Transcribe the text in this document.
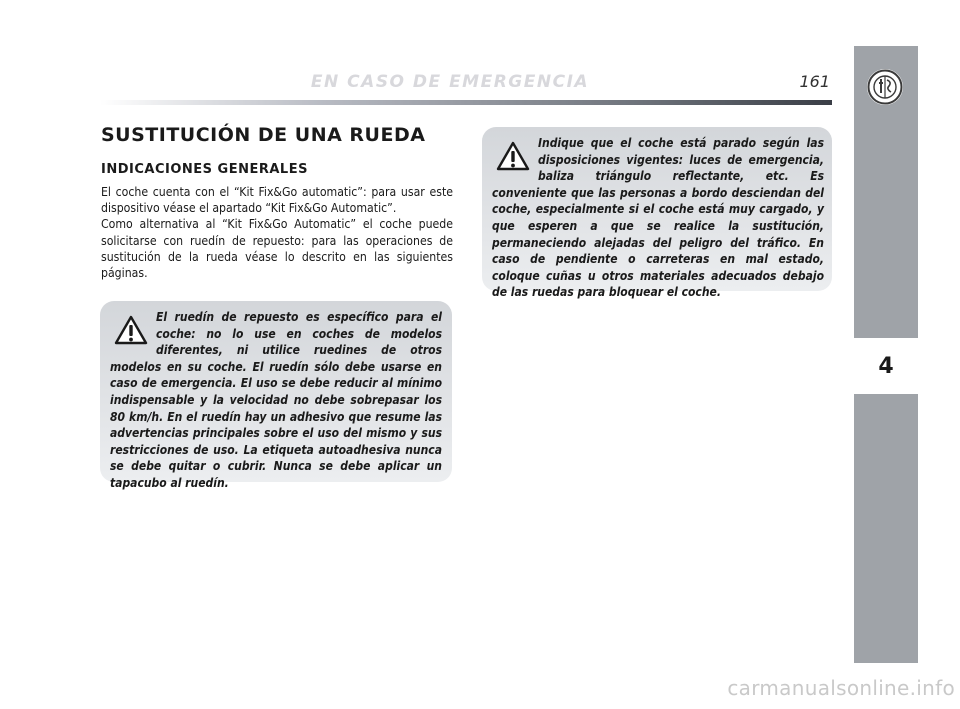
EN CASO DE EMERGENCIA	161
4
SUSTITUCIÓN DE UNA RUEDA
INDICACIONES GENERALES

El coche cuenta con el “Kit Fix&Go automatic”: para usar este dispositivo véase el apartado “Kit Fix&Go Automatic”.

Como alternativa al “Kit Fix&Go Automatic” el coche puede solicitarse con ruedín de repuesto: para las operaciones de sustitución de la rueda véase lo descrito en las siguientes páginas.

El ruedín de repuesto es específico para el coche: no lo use en coches de modelos diferentes, ni utilice ruedines de otros modelos en su coche. El ruedín sólo debe usarse en caso de emergencia. El uso se debe reducir al mínimo indispensable y la velocidad no debe sobrepasar los 80 km/h. En el ruedín hay un adhesivo que resume las advertencias principales sobre el uso del mismo y sus restricciones de uso. La etiqueta autoadhesiva nunca se debe quitar o cubrir. Nunca se debe aplicar un tapacubo al ruedín.

Indique que el coche está parado según las disposiciones vigentes: luces de emergencia, baliza triángulo reflectante, etc. Es conveniente que las personas a bordo desciendan del coche, especialmente si el coche está muy cargado, y que esperen a que se realice la sustitución, permaneciendo alejadas del peligro del tráfico. En caso de pendiente o carreteras en mal estado, coloque cuñas u otros materiales adecuados debajo de las ruedas para bloquear el coche.

carmanualsonline.info
